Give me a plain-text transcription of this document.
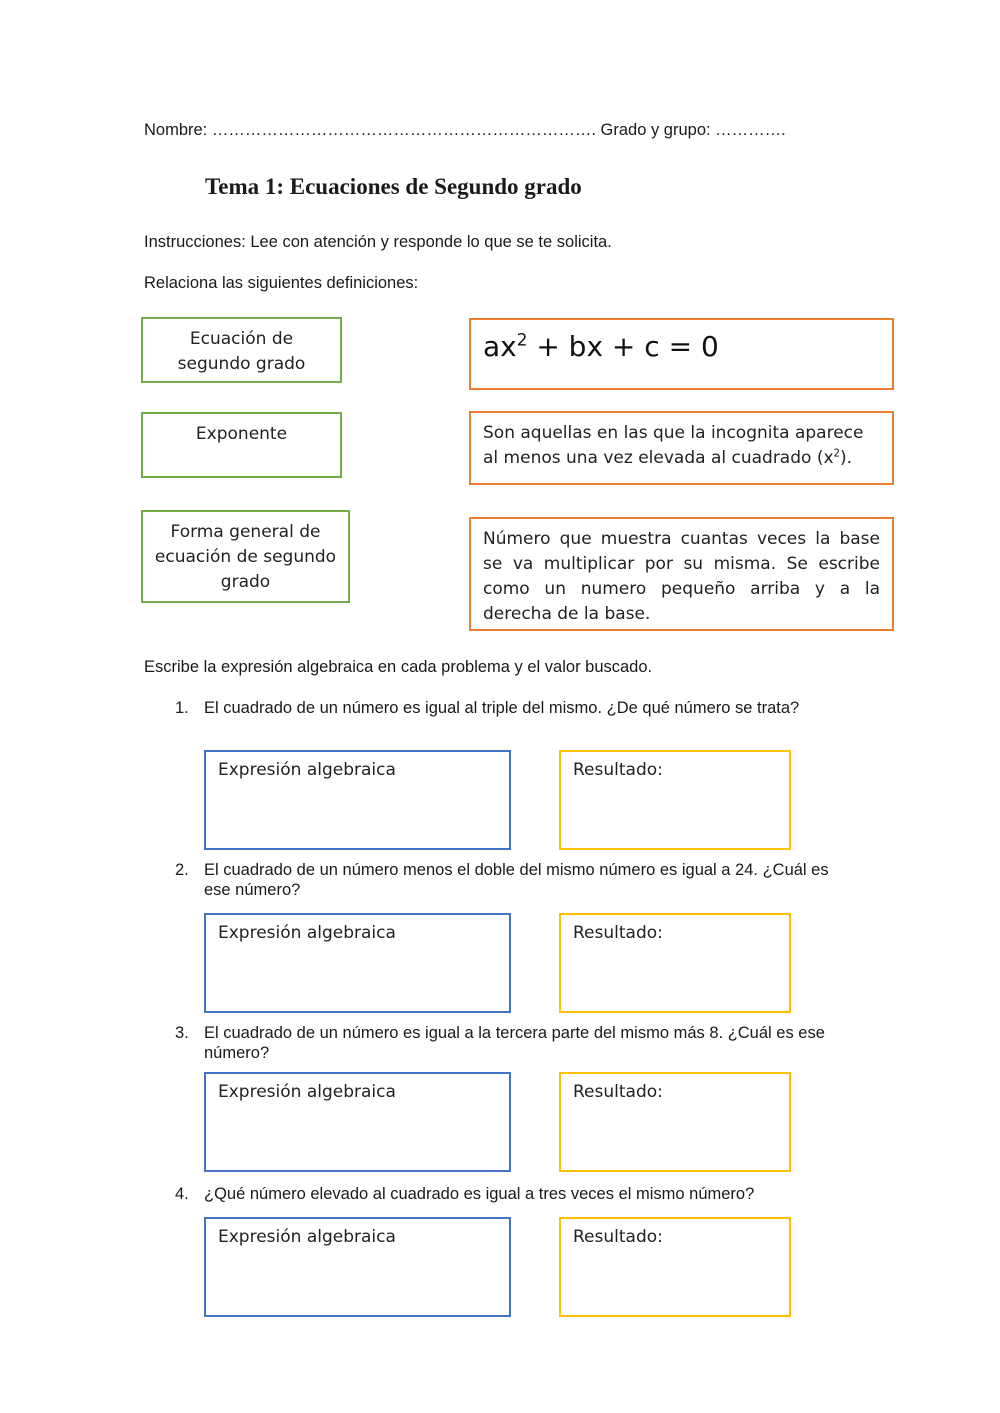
Nombre: ……………………………………………………………. Grado y grupo: ………….
Tema 1: Ecuaciones de Segundo grado
Instrucciones: Lee con atención y responde lo que se te solicita.
Relaciona las siguientes definiciones:
Ecuación de segundo grado
Exponente
Forma general de ecuación de segundo grado
$ax^2$ + bx + c = 0
Son aquellas en las que la incognita aparece al menos una vez elevada al cuadrado $(x^2)$.
Número que muestra cuantas veces la base se va multiplicar por su misma. Se escribe como un numero pequeño arriba y a la derecha de la base.
Escribe la expresión algebraica en cada problema y el valor buscado.
1. El cuadrado de un número es igual al triple del mismo. ¿De qué número se trata?
Expresión algebraica	Resultado:
2. El cuadrado de un número menos el doble del mismo número es igual a 24. ¿Cuál es ese número?
Expresión algebraica	Resultado:
3. El cuadrado de un número es igual a la tercera parte del mismo más 8. ¿Cuál es ese número?
Expresión algebraica	Resultado:
4. ¿Qué número elevado al cuadrado es igual a tres veces el mismo número?
Expresión algebraica	Resultado:
